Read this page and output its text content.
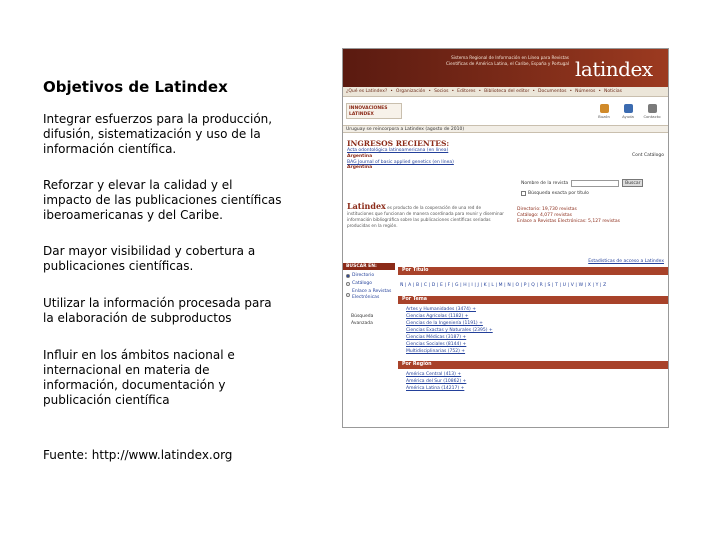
Objetivos de Latindex
Integrar esfuerzos para la producción, difusión, sistematización y uso de la información científica.
Reforzar y elevar la calidad y el impacto de las publicaciones científicas iberoamericanas y del Caribe.
Dar mayor visibilidad y cobertura a publicaciones científicas.
Utilizar la información procesada para la elaboración de subproductos
Influir en los ámbitos nacional e internacional en materia de información, documentación y publicación científica
Fuente: http://www.latindex.org
Sistema Regional de Información en Línea para Revistas Científicas de América Latina, el Caribe, España y Portugal latindex
¿Qué es Latindex? • Organización • Socios • Editores • Biblioteca del editor • Documentos • Números • Noticias
INNOVACIONES LATINDEX	Buzón	Ayuda	Contacto
Uruguay se reincorpora a Latindex (agosto de 2010)
INGRESOS RECIENTES:
Acta odontológica latinoamericana (en línea)
Argentina
BAG Journal of basic applied genetics (en línea)
Argentina
Cont Catálogo
Nombre de la revista	Buscar
Búsqueda exacta por título
Latindex es producto de la cooperación de una red de instituciones que funcionan de manera coordinada para reunir y diseminar información bibliográfica sobre las publicaciones científicas seriadas producidas en la región.
Directorio: 19,730 revistas
Catálogo: 4,077 revistas
Enlace a Revistas Electrónicas: 5,127 revistas
Estadísticas de acceso a Latindex
BUSCAR EN:
Directorio
Catálogo
Enlace a Revistas Electrónicas
Búsqueda Avanzada
Por Título
Ñ | A | B | C | D | E | F | G | H | I | J | K | L | M | N | O | P | Q | R | S | T | U | V | W | X | Y | Z
Por Tema
Artes y Humanidades (3474) +
Ciencias Agrícolas (1182) +
Ciencias de la Ingeniería (1191) +
Ciencias Exactas y Naturales (2395) +
Ciencias Médicas (3187) +
Ciencias Sociales (8144) +
Multidisciplinarias (752) +
Por Región
América Central (413) +
América del Sur (10862) +
América Latina (14217) +
